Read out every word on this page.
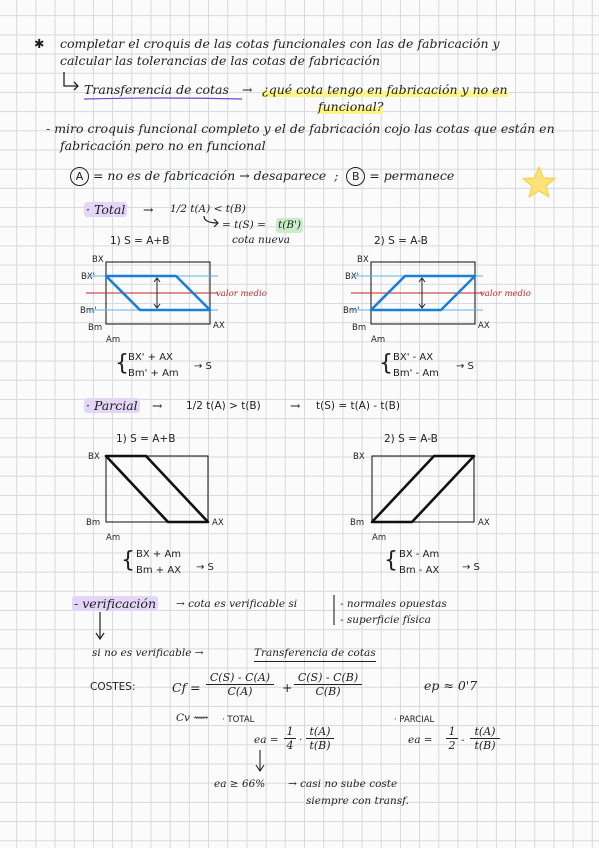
✱ completar el croquis de las cotas funcionales con las de fabricación y
calcular las tolerancias de las cotas de fabricación
Transferencia de cotas → ¿qué cota tengo en fabricación y no en
funcional?
- miro croquis funcional completo y el de fabricación cojo las cotas que están en
fabricación pero no en funcional
A = no es de fabricación → desaparece ; B = permanece
· Total → 1/2 t(A) < t(B)
= t(S) = t(B')
cota nueva
1) S = A+B
BX
BX'
Bm'
Bm
Am
AX
valor medio
{ BX' + AX
Bm' + Am
→ S
2) S = A-B
BX
BX'
Bm'
Bm
Am
AX
valor medio
{ BX' - AX
Bm' - Am
→ S
· Parcial → 1/2 t(A) > t(B) → t(S) = t(A) - t(B)
1) S = A+B
BX
Bm
Am
AX
{ BX + Am
Bm + AX → S
2) S = A-B
BX
Bm
Am
AX
{ BX - Am
Bm - AX → S
- verificación → cota es verificable si	- normales opuestas
- superficie física
si no es verificable →	Transferencia de cotas
COSTES:	$Cf = \frac{C(S) - C(A)}{C(A)} + \frac{C(S) - C(B)}{C(B)}$	ep ≈ 0'7
Cv ⟿ · TOTAL
ea = $\frac{1}{4} \cdot \frac{t(A)}{t(B)}$
· PARCIAL
ea = $\frac{1}{2} - \frac{t(A)}{t(B)}$
ea ≥ 66% → casi no sube coste
siempre con transf.
